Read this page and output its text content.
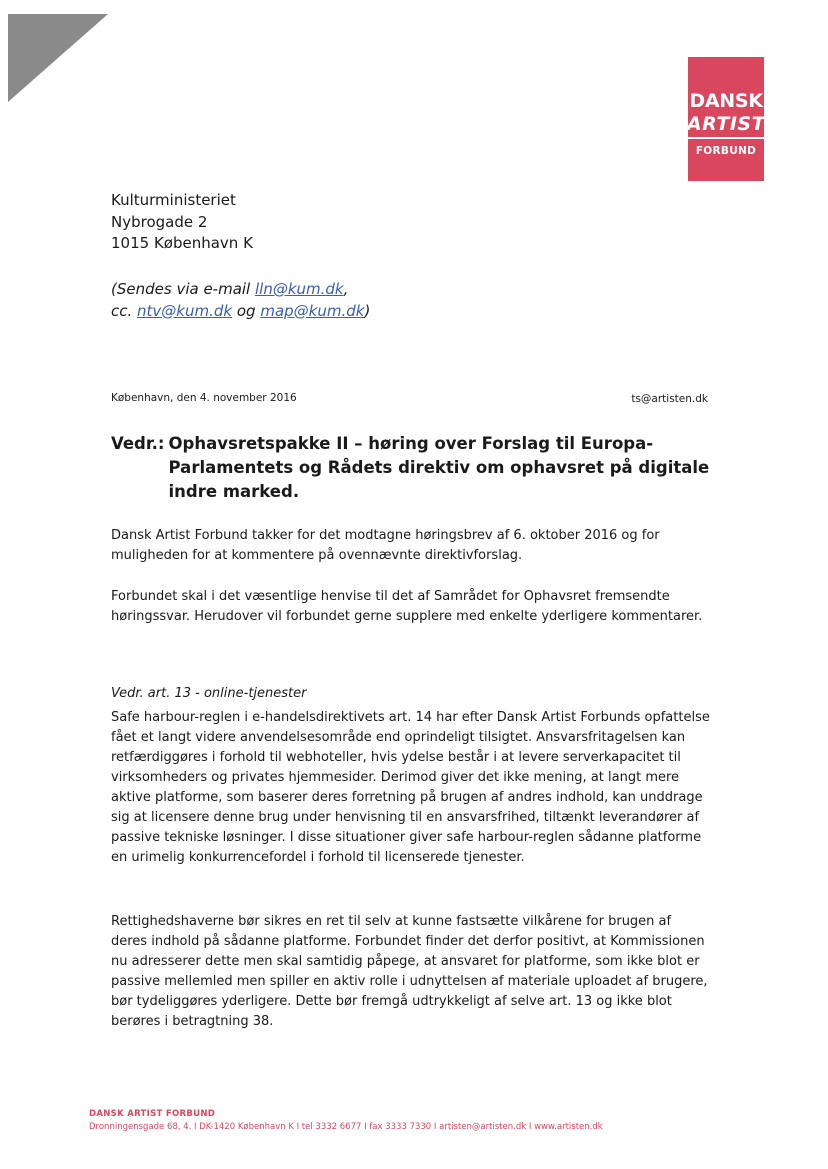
DANSK
ARTIST
FORBUND
Kulturministeriet
Nybrogade 2
1015 København K
(Sendes via e-mail lln@kum.dk,
cc. ntv@kum.dk og map@kum.dk)
København, den 4. november 2016	ts@artisten.dk
Vedr.: Ophavsretspakke II – høring over Forslag til Europa-Parlamentets og Rådets direktiv om ophavsret på digitale indre marked.
Dansk Artist Forbund takker for det modtagne høringsbrev af 6. oktober 2016 og for muligheden for at kommentere på ovennævnte direktivforslag.
Forbundet skal i det væsentlige henvise til det af Samrådet for Ophavsret fremsendte høringssvar. Herudover vil forbundet gerne supplere med enkelte yderligere kommentarer.
Vedr. art. 13 - online-tjenester
Safe harbour-reglen i e-handelsdirektivets art. 14 har efter Dansk Artist Forbunds opfattelse fået et langt videre anvendelsesområde end oprindeligt tilsigtet. Ansvarsfritagelsen kan retfærdiggøres i forhold til webhoteller, hvis ydelse består i at levere serverkapacitet til virksomheders og privates hjemmesider. Derimod giver det ikke mening, at langt mere aktive platforme, som baserer deres forretning på brugen af andres indhold, kan unddrage sig at licensere denne brug under henvisning til en ansvarsfrihed, tiltænkt leverandører af passive tekniske løsninger. I disse situationer giver safe harbour-reglen sådanne platforme en urimelig konkurrencefordel i forhold til licenserede tjenester.
Rettighedshaverne bør sikres en ret til selv at kunne fastsætte vilkårene for brugen af deres indhold på sådanne platforme. Forbundet finder det derfor positivt, at Kommissionen nu adresserer dette men skal samtidig påpege, at ansvaret for platforme, som ikke blot er passive mellemled men spiller en aktiv rolle i udnyttelsen af materiale uploadet af brugere, bør tydeliggøres yderligere. Dette bør fremgå udtrykkeligt af selve art. 13 og ikke blot berøres i betragtning 38.
DANSK ARTIST FORBUND
Dronningensgade 68, 4. I DK-1420 København K I tel 3332 6677 I fax 3333 7330 I artisten@artisten.dk I www.artisten.dk
